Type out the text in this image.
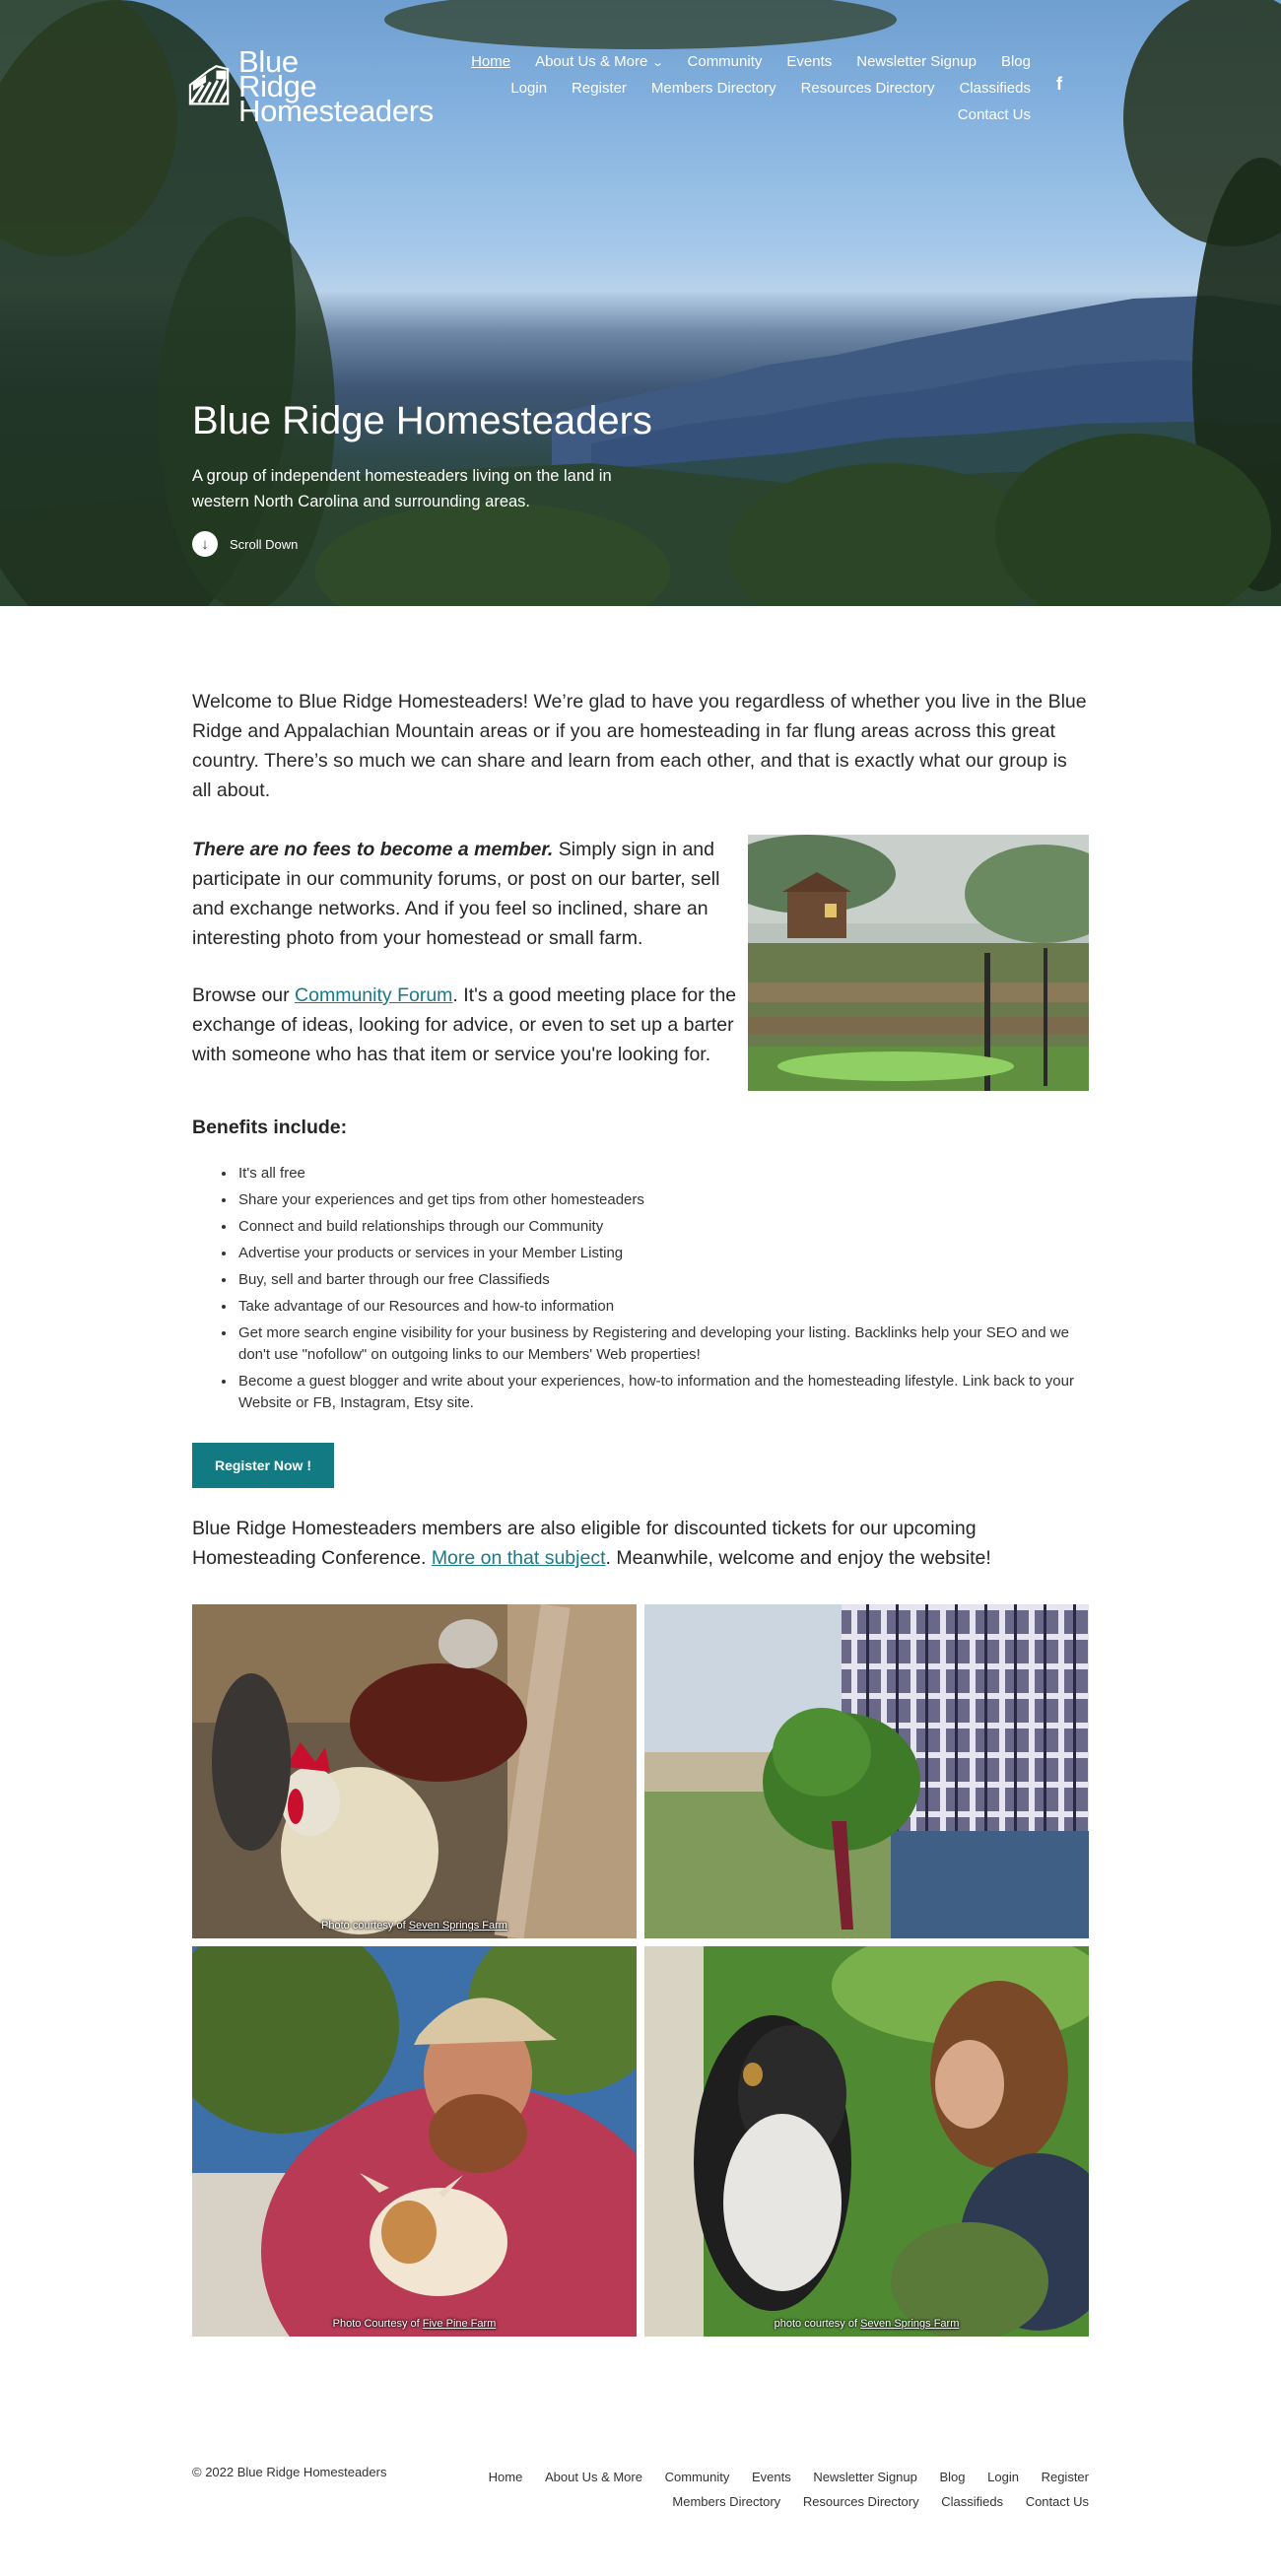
Blue
Ridge
Homesteaders
Home About Us & More ⌄ Community Events Newsletter Signup Blog
Login Register Members Directory Resources Directory Classifieds
Contact Us
f
Blue Ridge Homesteaders

A group of independent homesteaders living on the land in western North Carolina and surrounding areas.

↓ Scroll Down

Welcome to Blue Ridge Homesteaders! We’re glad to have you regardless of whether you live in the Blue Ridge and Appalachian Mountain areas or if you are homesteading in far flung areas across this great country. There’s so much we can share and learn from each other, and that is exactly what our group is all about.

There are no fees to become a member. Simply sign in and participate in our community forums, or post on our barter, sell and exchange networks. And if you feel so inclined, share an interesting photo from your homestead or small farm.

Browse our Community Forum. It's a good meeting place for the exchange of ideas, looking for advice, or even to set up a barter with someone who has that item or service you're looking for.

Benefits include:
• It's all free
• Share your experiences and get tips from other homesteaders
• Connect and build relationships through our Community
• Advertise your products or services in your Member Listing
• Buy, sell and barter through our free Classifieds
• Take advantage of our Resources and how-to information
• Get more search engine visibility for your business by Registering and developing your listing. Backlinks help your SEO and we don't use "nofollow" on outgoing links to our Members' Web properties!
• Become a guest blogger and write about your experiences, how-to information and the homesteading lifestyle. Link back to your Website or FB, Instagram, Etsy site.
Register Now !

Blue Ridge Homesteaders members are also eligible for discounted tickets for our upcoming Homesteading Conference. More on that subject. Meanwhile, welcome and enjoy the website!

Photo courtesy of Seven Springs Farm
Photo Courtesy of Five Pine Farm	photo courtesy of Seven Springs Farm
© 2022 Blue Ridge Homesteaders	Home About Us & More Community Events Newsletter Signup Blog Login Register
Members Directory Resources Directory Classifieds Contact Us
